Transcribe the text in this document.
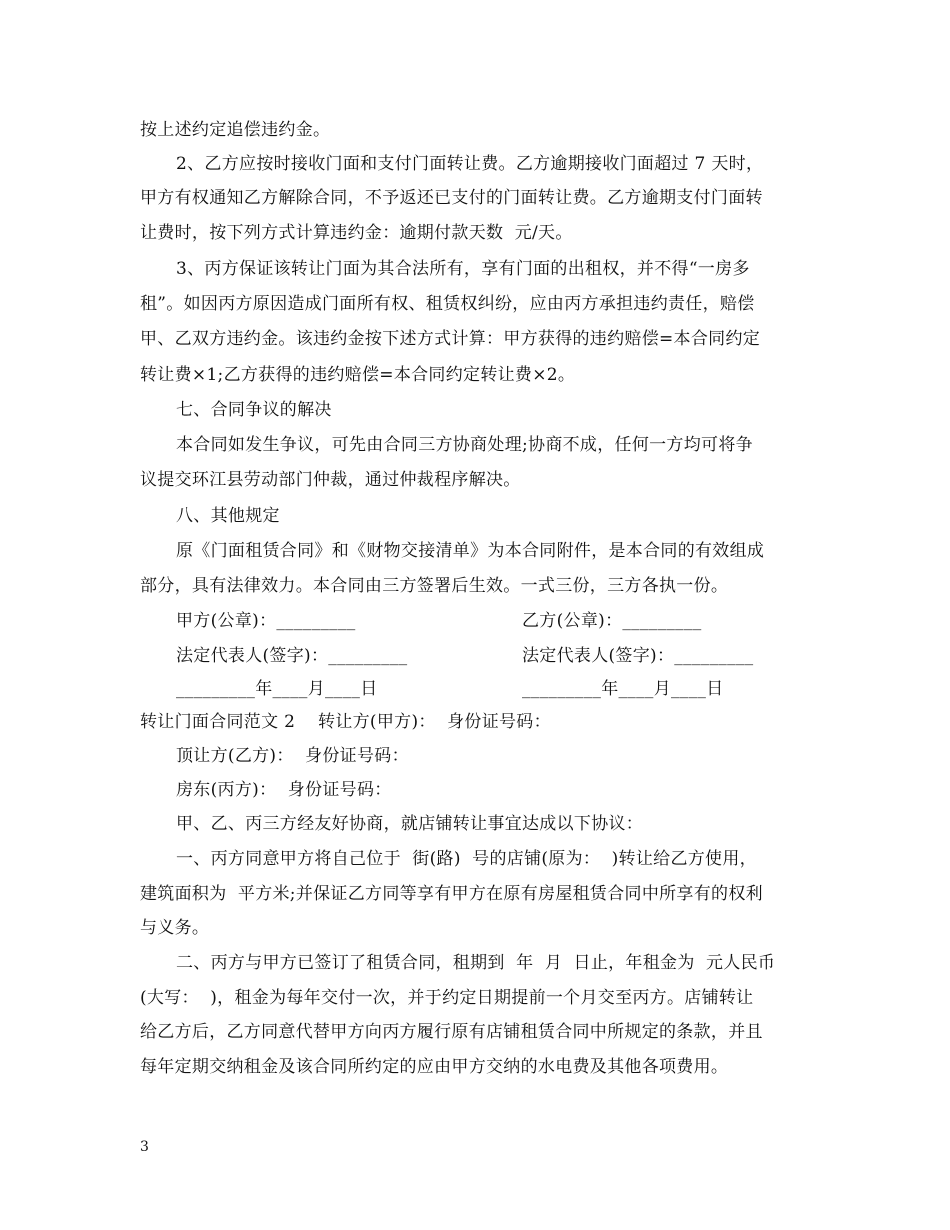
按上述约定追偿违约金。
2、乙方应按时接收门面和支付门面转让费。乙方逾期接收门面超过 7 天时，
甲方有权通知乙方解除合同，不予返还已支付的门面转让费。乙方逾期支付门面转
让费时，按下列方式计算违约金：逾期付款天数  元/天。
3、丙方保证该转让门面为其合法所有，享有门面的出租权，并不得“一房多
租”。如因丙方原因造成门面所有权、租赁权纠纷，应由丙方承担违约责任，赔偿
甲、乙双方违约金。该违约金按下述方式计算：甲方获得的违约赔偿=本合同约定
转让费×1;乙方获得的违约赔偿=本合同约定转让费×2。
七、合同争议的解决
本合同如发生争议，可先由合同三方协商处理;协商不成，任何一方均可将争
议提交环江县劳动部门仲裁，通过仲裁程序解决。
八、其他规定
原《门面租赁合同》和《财物交接清单》为本合同附件，是本合同的有效组成
部分，具有法律效力。本合同由三方签署后生效。一式三份，三方各执一份。
甲方(公章)：_________	乙方(公章)：_________
法定代表人(签字)：_________	法定代表人(签字)：_________
_________年____月____日	_________年____月____日
转让门面合同范文 2    转让方(甲方)：  身份证号码：
顶让方(乙方)：  身份证号码：
房东(丙方)：  身份证号码：
甲、乙、丙三方经友好协商，就店铺转让事宜达成以下协议：
一、丙方同意甲方将自己位于  街(路)  号的店铺(原为：  )转让给乙方使用，
建筑面积为  平方米;并保证乙方同等享有甲方在原有房屋租赁合同中所享有的权利
与义务。
二、丙方与甲方已签订了租赁合同，租期到  年  月  日止，年租金为  元人民币
(大写：  )，租金为每年交付一次，并于约定日期提前一个月交至丙方。店铺转让
给乙方后，乙方同意代替甲方向丙方履行原有店铺租赁合同中所规定的条款，并且
每年定期交纳租金及该合同所约定的应由甲方交纳的水电费及其他各项费用。
3
